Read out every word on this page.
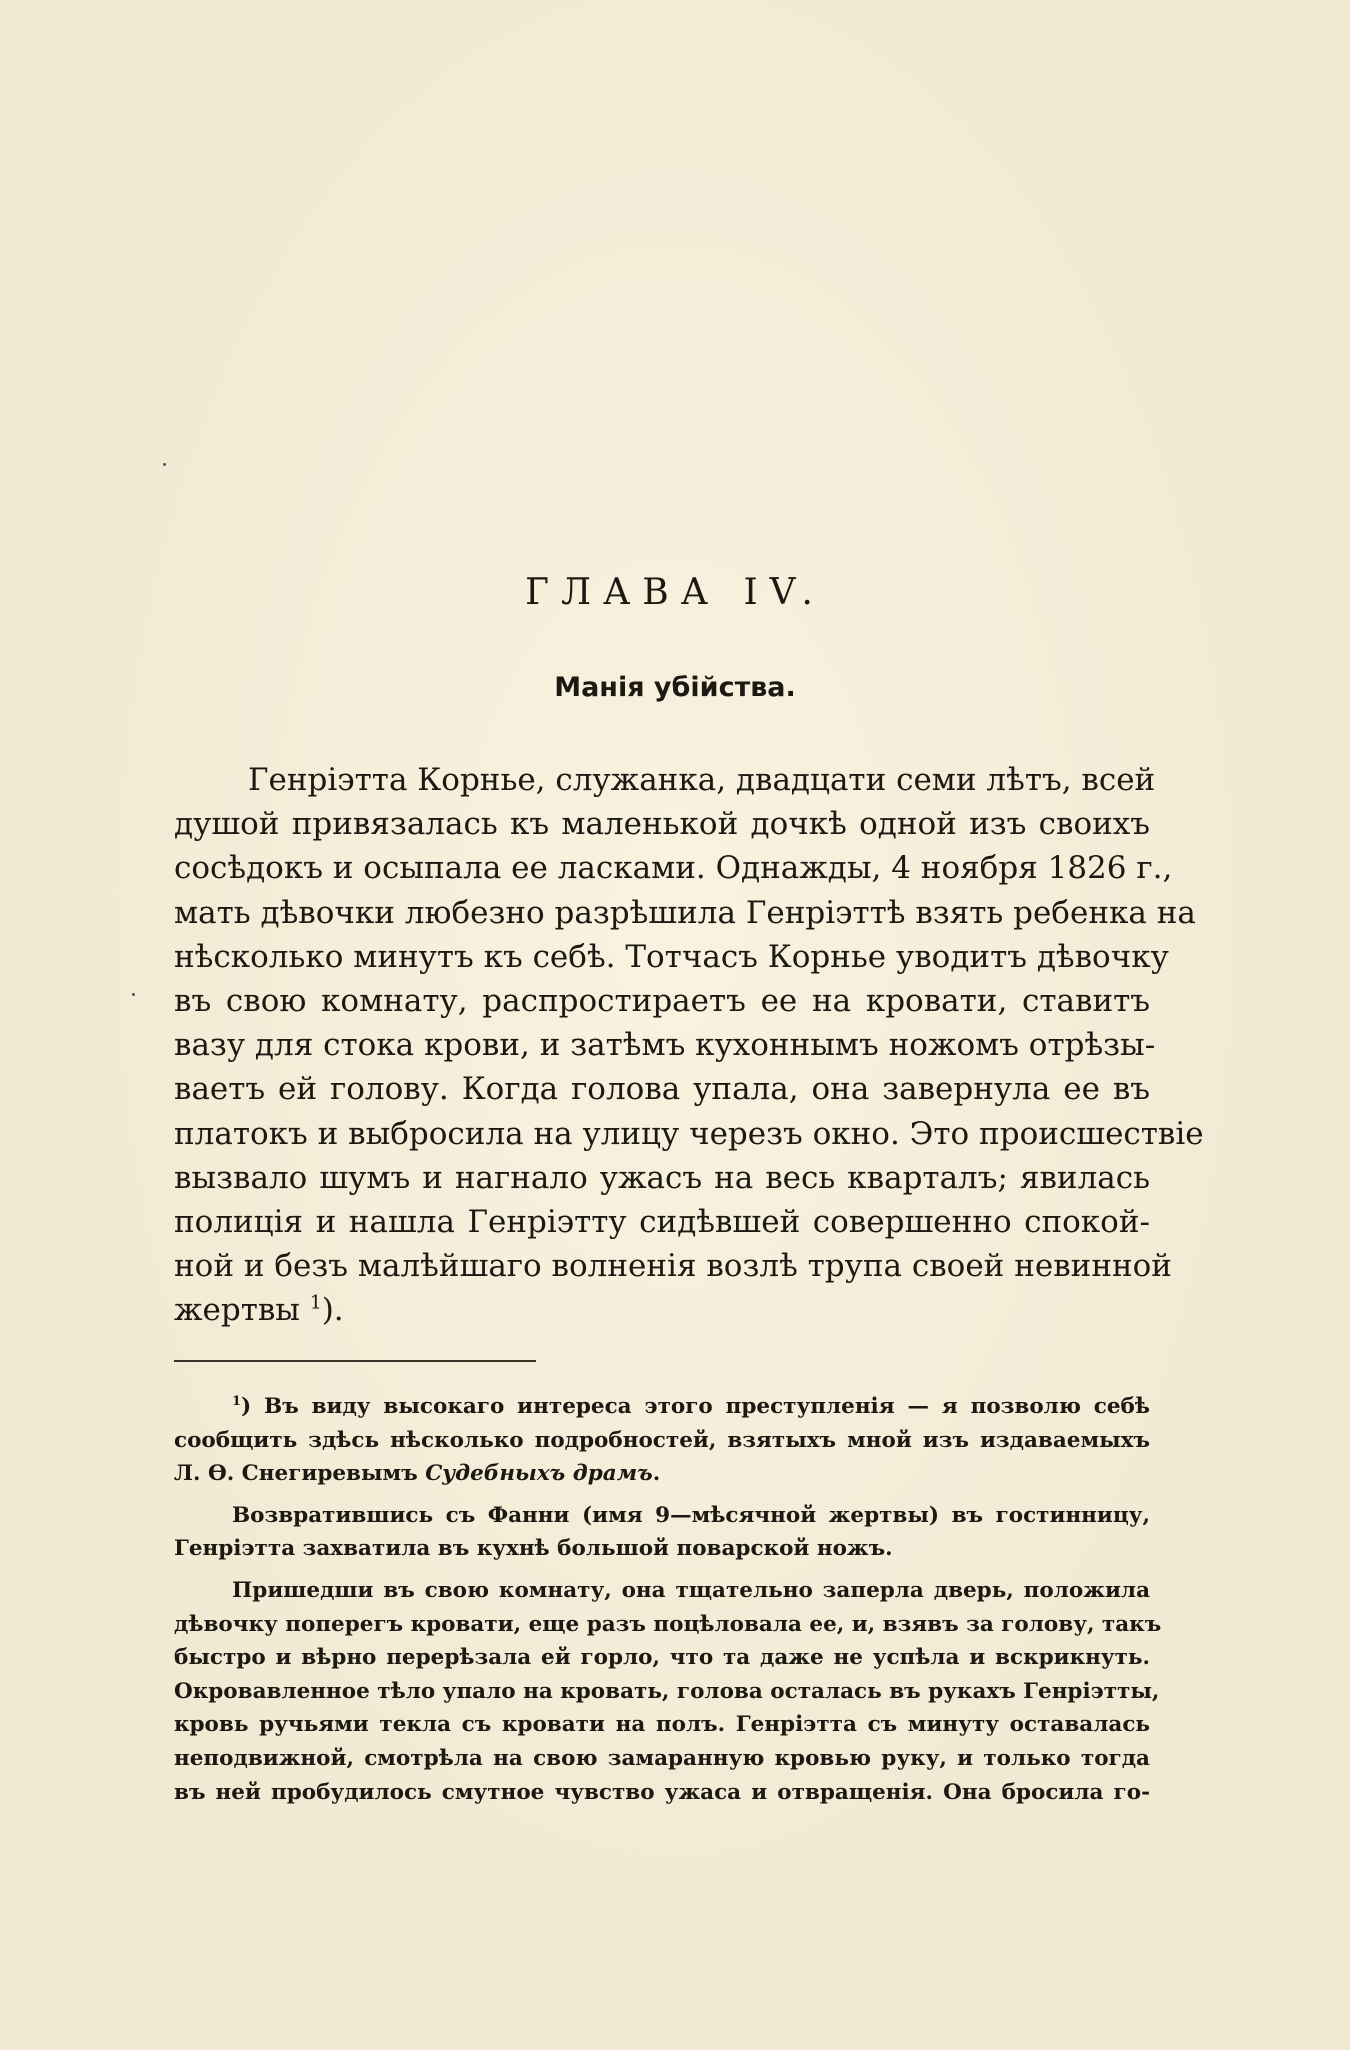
ГЛАВА IV.
Манія убійства.
Генріэтта Корнье, служанка, двадцати семи лѣтъ, всей
душой привязалась къ маленькой дочкѣ одной изъ своихъ
сосѣдокъ и осыпала ее ласками. Однажды, 4 ноября 1826 г.,
мать дѣвочки любезно разрѣшила Генріэттѣ взять ребенка на
нѣсколько минутъ къ себѣ. Тотчасъ Корнье уводитъ дѣвочку
въ свою комнату, распростираетъ ее на кровати, ставитъ
вазу для стока крови, и затѣмъ кухоннымъ ножомъ отрѣзы-
ваетъ ей голову. Когда голова упала, она завернула ее въ
платокъ и выбросила на улицу черезъ окно. Это происшествіе
вызвало шумъ и нагнало ужасъ на весь кварталъ; явилась
полиція и нашла Генріэтту сидѣвшей совершенно спокой-
ной и безъ малѣйшаго волненія возлѣ трупа своей невинной
жертвы $^1$).
$^1$) Въ виду высокаго интереса этого преступленія — я позволю себѣ
сообщить здѣсь нѣсколько подробностей, взятыхъ мной изъ издаваемыхъ
Л. Ѳ. Снегиревымъ Судебныхъ драмъ.
Возвратившись съ Фанни (имя 9—мѣсячной жертвы) въ гостинницу,
Генріэтта захватила въ кухнѣ большой поварской ножъ.
Пришедши въ свою комнату, она тщательно заперла дверь, положила
дѣвочку поперегъ кровати, еще разъ поцѣловала ее, и, взявъ за голову, такъ
быстро и вѣрно перерѣзала ей горло, что та даже не успѣла и вскрикнуть.
Окровавленное тѣло упало на кровать, голова осталась въ рукахъ Генріэтты,
кровь ручьями текла съ кровати на полъ. Генріэтта съ минуту оставалась
неподвижной, смотрѣла на свою замаранную кровью руку, и только тогда
въ ней пробудилось смутное чувство ужаса и отвращенія. Она бросила го-
